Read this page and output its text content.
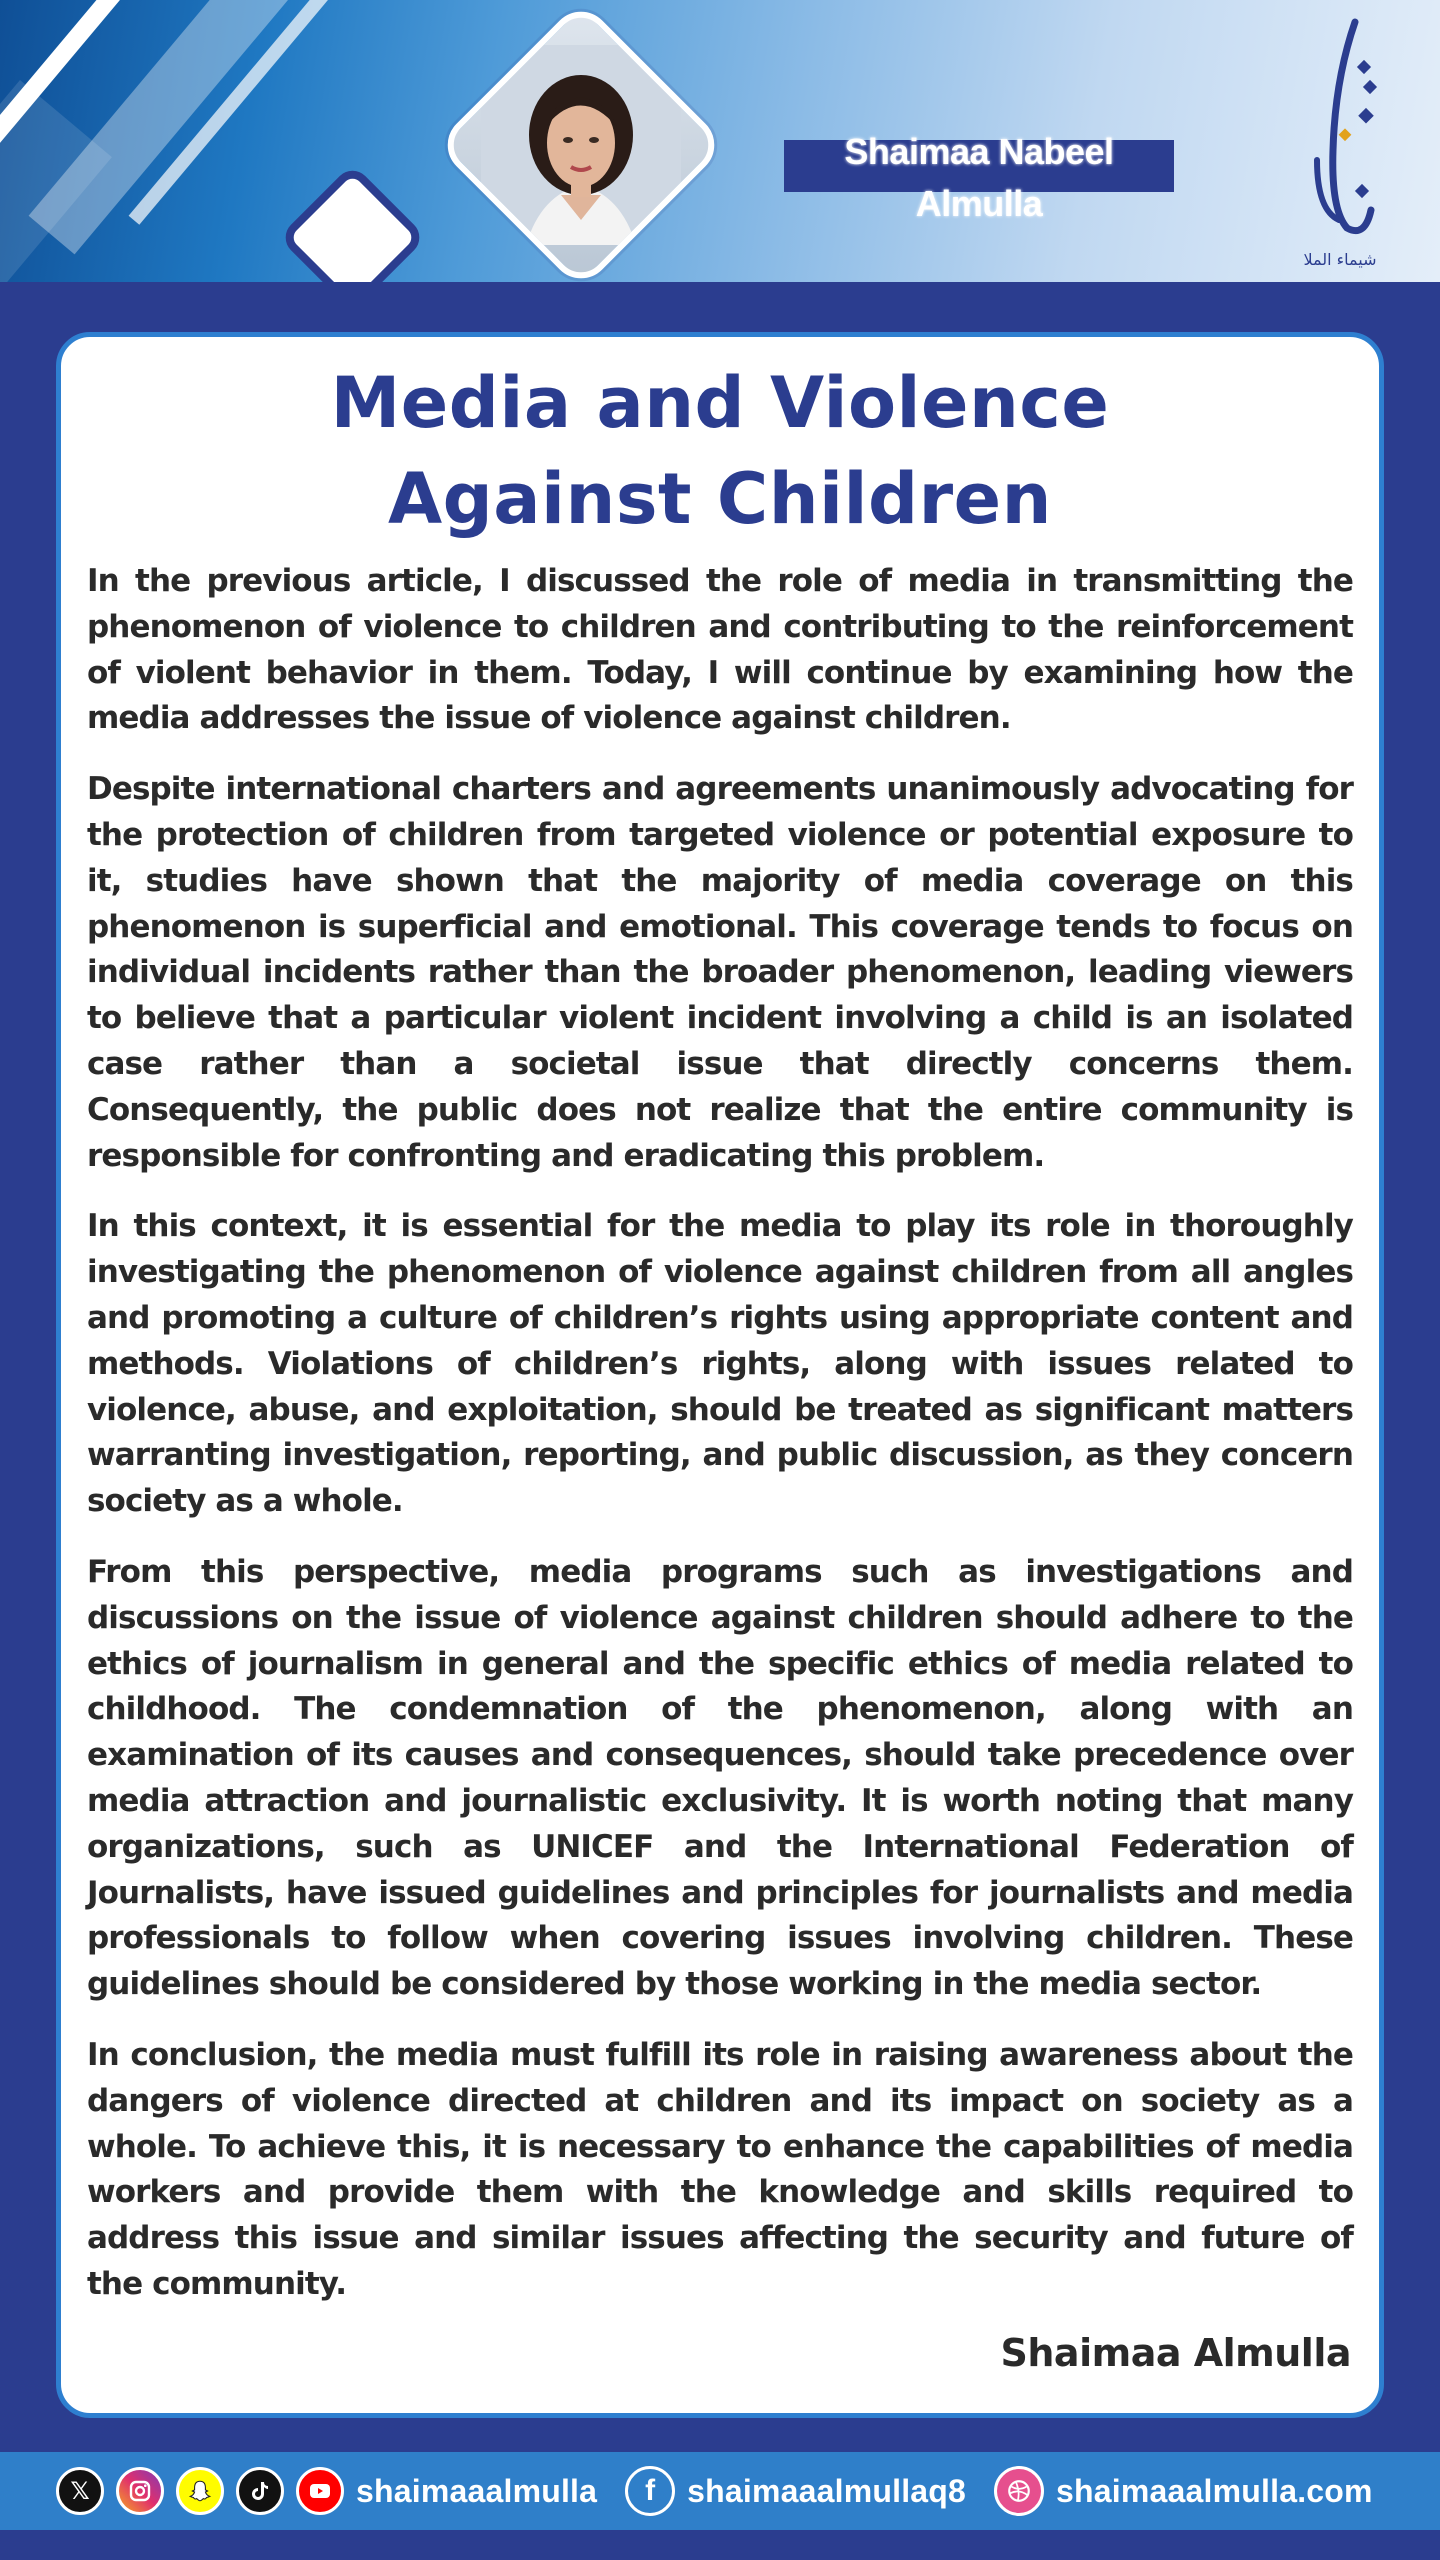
Shaimaa Nabeel Almulla
شيماء الملا
Media and Violence
Against Children

In the previous article, I discussed the role of media in transmitting the phenomenon of violence to children and contributing to the reinforcement of violent behavior in them. Today, I will continue by examining how the media addresses the issue of violence against children.

Despite international charters and agreements unanimously advocating for the protection of children from targeted violence or potential exposure to it, studies have shown that the majority of media coverage on this phenomenon is superficial and emotional. This coverage tends to focus on individual incidents rather than the broader phenomenon, leading viewers to believe that a particular violent incident involving a child is an isolated case rather than a societal issue that directly concerns them. Consequently, the public does not realize that the entire community is responsible for confronting and eradicating this problem.

In this context, it is essential for the media to play its role in thoroughly investigating the phenomenon of violence against children from all angles and promoting a culture of children’s rights using appropriate content and methods. Violations of children’s rights, along with issues related to violence, abuse, and exploitation, should be treated as significant matters warranting investigation, reporting, and public discussion, as they concern society as a whole.

From this perspective, media programs such as investigations and discussions on the issue of violence against children should adhere to the ethics of journalism in general and the specific ethics of media related to childhood. The condemnation of the phenomenon, along with an examination of its causes and consequences, should take precedence over media attraction and journalistic exclusivity. It is worth noting that many organizations, such as UNICEF and the International Federation of Journalists, have issued guidelines and principles for journalists and media professionals to follow when covering issues involving children. These guidelines should be considered by those working in the media sector.

In conclusion, the media must fulfill its role in raising awareness about the dangers of violence directed at children and its impact on society as a whole. To achieve this, it is necessary to enhance the capabilities of media workers and provide them with the knowledge and skills required to address this issue and similar issues affecting the security and future of the community.

Shaimaa Almulla
𝕏	shaimaaalmulla	f	shaimaaalmullaq8	shaimaaalmulla.com
